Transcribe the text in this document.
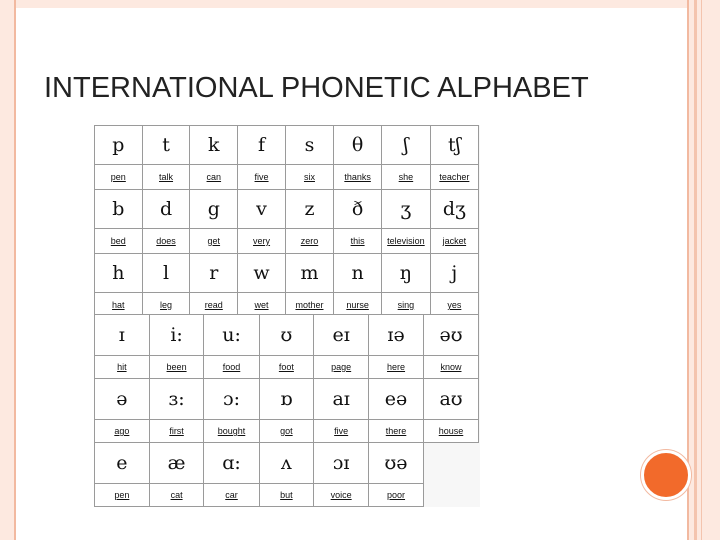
INTERNATIONAL PHONETIC ALPHABET
p	t	k	f	s	θ	ʃ	tʃ
pen	talk	can	five	six	thanks	she	teacher
b	d	g	v	z	ð	ʒ	dʒ
bed	does	get	very	zero	this	television	jacket
h	l	r	w	m	n	ŋ	j
hat	leg	read	wet	mother	nurse	sing	yes
ɪ	i:	u:	ʊ	eɪ	ɪə	əʊ
hit	been	food	foot	page	here	know
ə	ɜ:	ɔ:	ɒ	aɪ	eə	aʊ
ago	first	bought	got	five	there	house
e	æ	ɑ:	ʌ	ɔɪ	ʊə	
pen	cat	car	but	voice	poor	
